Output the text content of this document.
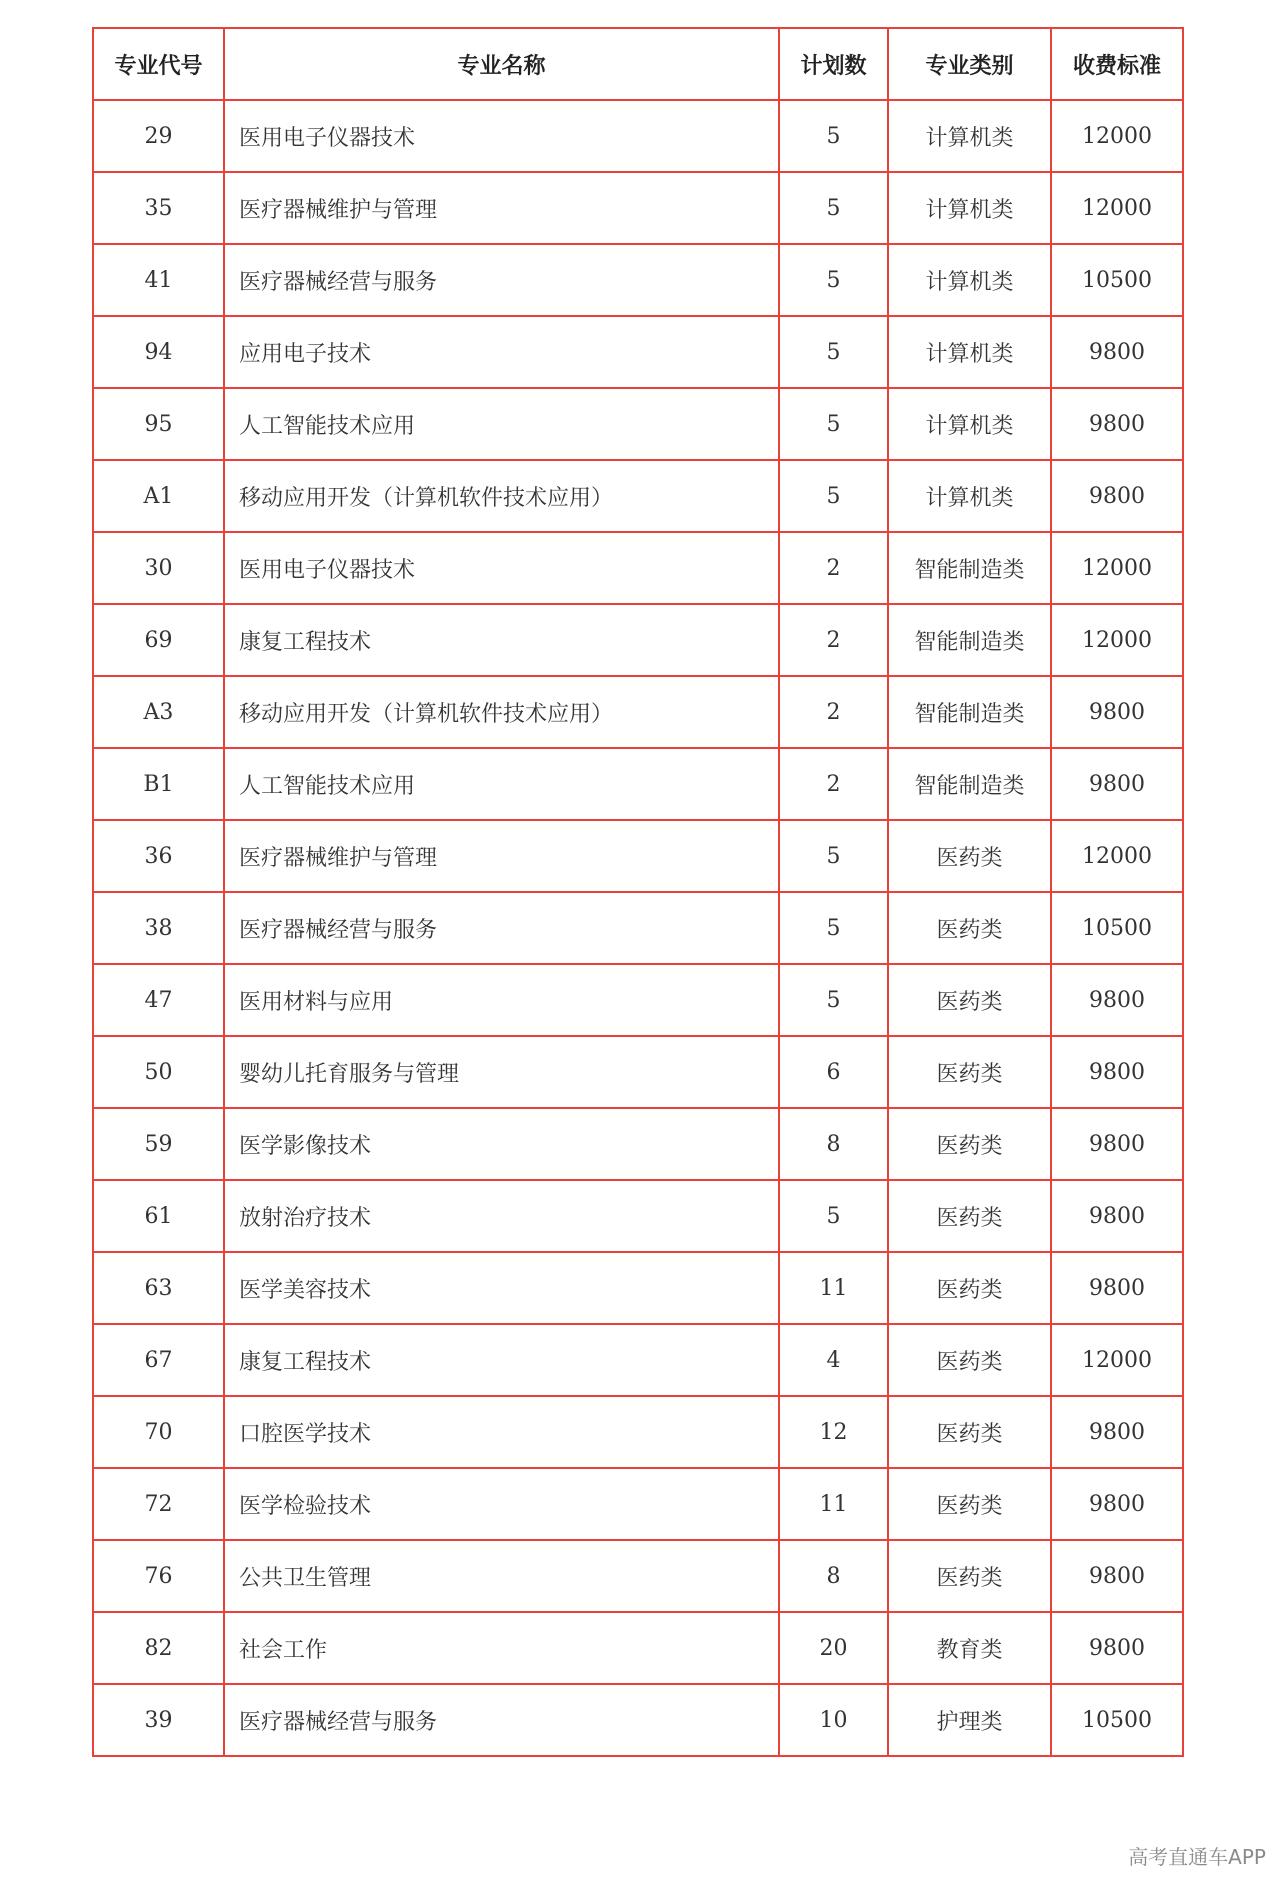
专业代号	专业名称	计划数	专业类别	收费标准
29	医用电子仪器技术	5	计算机类	12000
35	医疗器械维护与管理	5	计算机类	12000
41	医疗器械经营与服务	5	计算机类	10500
94	应用电子技术	5	计算机类	9800
95	人工智能技术应用	5	计算机类	9800
A1	移动应用开发（计算机软件技术应用）	5	计算机类	9800
30	医用电子仪器技术	2	智能制造类	12000
69	康复工程技术	2	智能制造类	12000
A3	移动应用开发（计算机软件技术应用）	2	智能制造类	9800
B1	人工智能技术应用	2	智能制造类	9800
36	医疗器械维护与管理	5	医药类	12000
38	医疗器械经营与服务	5	医药类	10500
47	医用材料与应用	5	医药类	9800
50	婴幼儿托育服务与管理	6	医药类	9800
59	医学影像技术	8	医药类	9800
61	放射治疗技术	5	医药类	9800
63	医学美容技术	11	医药类	9800
67	康复工程技术	4	医药类	12000
70	口腔医学技术	12	医药类	9800
72	医学检验技术	11	医药类	9800
76	公共卫生管理	8	医药类	9800
82	社会工作	20	教育类	9800
39	医疗器械经营与服务	10	护理类	10500
高考直通车APP
